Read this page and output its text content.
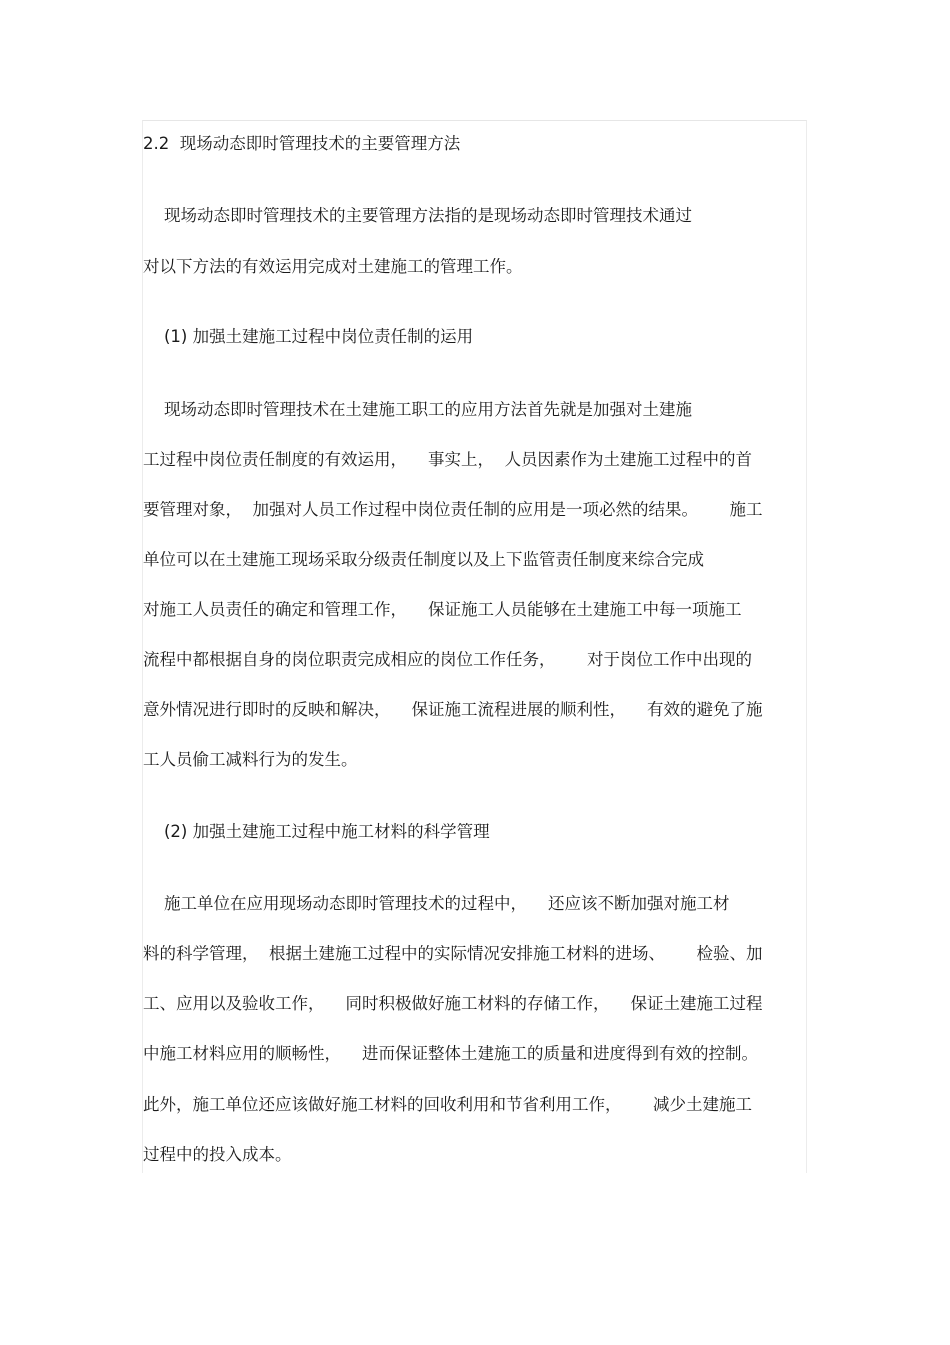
2.2  现场动态即时管理技术的主要管理方法
现场动态即时管理技术的主要管理方法指的是现场动态即时管理技术通过
对以下方法的有效运用完成对土建施工的管理工作。
(1) 加强土建施工过程中岗位责任制的运用
现场动态即时管理技术在土建施工职工的应用方法首先就是加强对土建施
工过程中岗位责任制度的有效运用，    事实上，  人员因素作为土建施工过程中的首
要管理对象，  加强对人员工作过程中岗位责任制的应用是一项必然的结果。      施工
单位可以在土建施工现场采取分级责任制度以及上下监管责任制度来综合完成
对施工人员责任的确定和管理工作，    保证施工人员能够在土建施工中每一项施工
流程中都根据自身的岗位职责完成相应的岗位工作任务，      对于岗位工作中出现的
意外情况进行即时的反映和解决，    保证施工流程进展的顺利性，    有效的避免了施
工人员偷工减料行为的发生。
(2) 加强土建施工过程中施工材料的科学管理
施工单位在应用现场动态即时管理技术的过程中，    还应该不断加强对施工材
料的科学管理，  根据土建施工过程中的实际情况安排施工材料的进场、      检验、加
工、应用以及验收工作，    同时积极做好施工材料的存储工作，    保证土建施工过程
中施工材料应用的顺畅性，    进而保证整体土建施工的质量和进度得到有效的控制。
此外，施工单位还应该做好施工材料的回收利用和节省利用工作，      减少土建施工
过程中的投入成本。
